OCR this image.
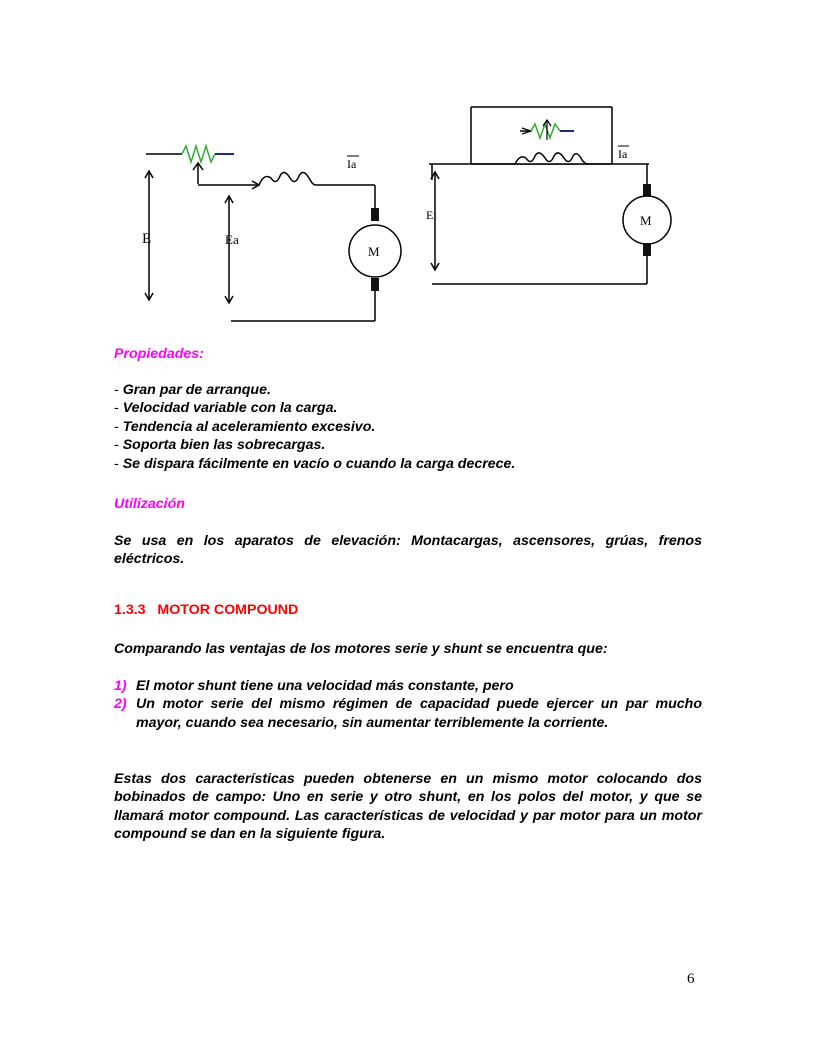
M
Ia
E	Ea
M
Ia
Ei
Propiedades:
- Gran par de arranque.
- Velocidad variable con la carga.
- Tendencia al aceleramiento excesivo.
- Soporta bien las sobrecargas.
- Se dispara fácilmente en vacío o cuando la carga decrece.
Utilización
Se usa en los aparatos de elevación: Montacargas, ascensores, grúas, frenos eléctricos.
1.3.3 MOTOR COMPOUND
Comparando las ventajas de los motores serie y shunt se encuentra que:
1) El motor shunt tiene una velocidad más constante, pero
2) Un motor serie del mismo régimen de capacidad puede ejercer un par mucho mayor, cuando sea necesario, sin aumentar terriblemente la corriente.
Estas dos características pueden obtenerse en un mismo motor colocando dos bobinados de campo: Uno en serie y otro shunt, en los polos del motor, y que se llamará motor compound. Las características de velocidad y par motor para un motor compound se dan en la siguiente figura.
6
